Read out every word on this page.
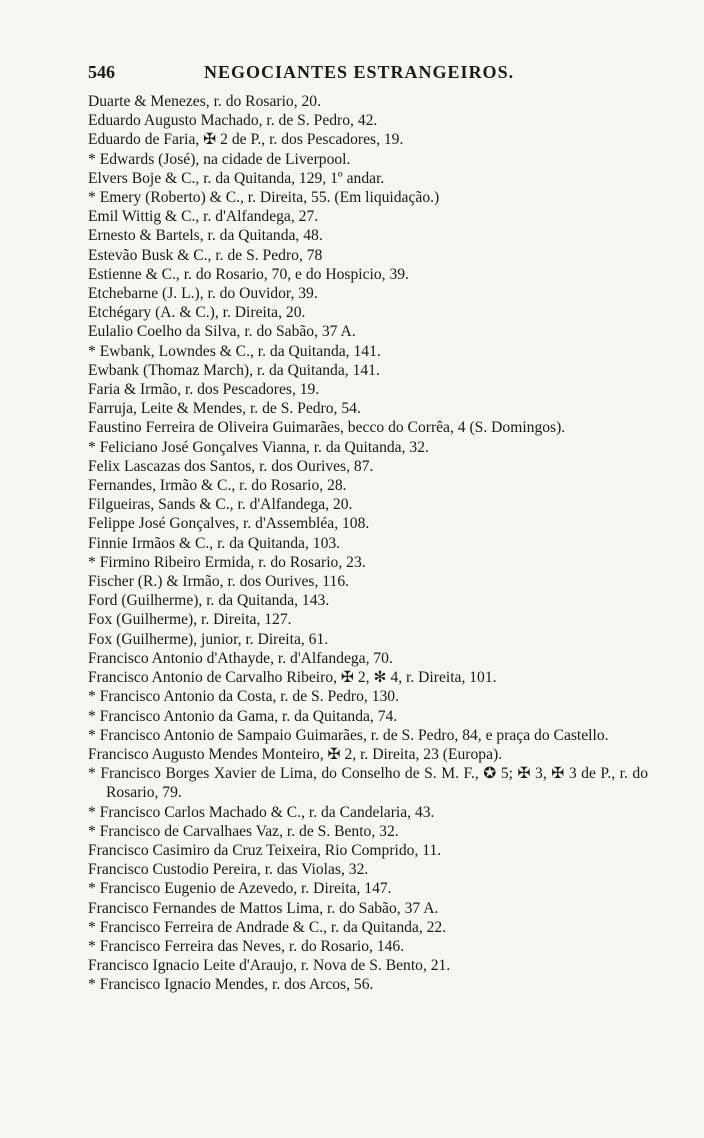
546	NEGOCIANTES ESTRANGEIROS.

Duarte & Menezes, r. do Rosario, 20.

Eduardo Augusto Machado, r. de S. Pedro, 42.

Eduardo de Faria, ✠ 2 de P., r. dos Pescadores, 19.

* Edwards (José), na cidade de Liverpool.

Elvers Boje & C., r. da Quitanda, 129, 1º andar.

* Emery (Roberto) & C., r. Direita, 55. (Em liquidação.)

Emil Wittig & C., r. d'Alfandega, 27.

Ernesto & Bartels, r. da Quitanda, 48.

Estevão Busk & C., r. de S. Pedro, 78

Estienne & C., r. do Rosario, 70, e do Hospicio, 39.

Etchebarne (J. L.), r. do Ouvidor, 39.

Etchégary (A. & C.), r. Direita, 20.

Eulalio Coelho da Silva, r. do Sabão, 37 A.

* Ewbank, Lowndes & C., r. da Quitanda, 141.

Ewbank (Thomaz March), r. da Quitanda, 141.

Faria & Irmão, r. dos Pescadores, 19.

Farruja, Leite & Mendes, r. de S. Pedro, 54.

Faustino Ferreira de Oliveira Guimarães, becco do Corrêa, 4 (S. Domingos).

* Feliciano José Gonçalves Vianna, r. da Quitanda, 32.

Felix Lascazas dos Santos, r. dos Ourives, 87.

Fernandes, Irmão & C., r. do Rosario, 28.

Filgueiras, Sands & C., r. d'Alfandega, 20.

Felippe José Gonçalves, r. d'Assembléa, 108.

Finnie Irmãos & C., r. da Quitanda, 103.

* Firmino Ribeiro Ermida, r. do Rosario, 23.

Fischer (R.) & Irmão, r. dos Ourives, 116.

Ford (Guilherme), r. da Quitanda, 143.

Fox (Guilherme), r. Direita, 127.

Fox (Guilherme), junior, r. Direita, 61.

Francisco Antonio d'Athayde, r. d'Alfandega, 70.

Francisco Antonio de Carvalho Ribeiro, ✠ 2, ✻ 4, r. Direita, 101.

* Francisco Antonio da Costa, r. de S. Pedro, 130.

* Francisco Antonio da Gama, r. da Quitanda, 74.

* Francisco Antonio de Sampaio Guimarães, r. de S. Pedro, 84, e praça do Castello.

Francisco Augusto Mendes Monteiro, ✠ 2, r. Direita, 23 (Europa).

* Francisco Borges Xavier de Lima, do Conselho de S. M. F., ✪ 5; ✠ 3, ✠ 3 de P., r. do Rosario, 79.

* Francisco Carlos Machado & C., r. da Candelaria, 43.

* Francisco de Carvalhaes Vaz, r. de S. Bento, 32.

Francisco Casimiro da Cruz Teixeira, Rio Comprido, 11.

Francisco Custodio Pereira, r. das Violas, 32.

* Francisco Eugenio de Azevedo, r. Direita, 147.

Francisco Fernandes de Mattos Lima, r. do Sabão, 37 A.

* Francisco Ferreira de Andrade & C., r. da Quitanda, 22.

* Francisco Ferreira das Neves, r. do Rosario, 146.

Francisco Ignacio Leite d'Araujo, r. Nova de S. Bento, 21.

* Francisco Ignacio Mendes, r. dos Arcos, 56.
